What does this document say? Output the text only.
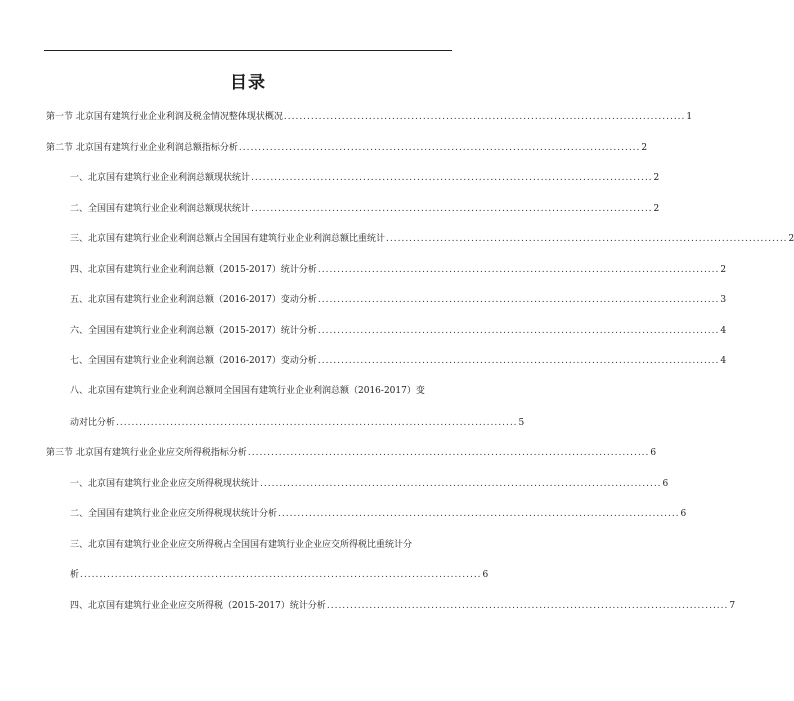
目录
第一节 北京国有建筑行业企业利润及税金情况整体现状概况 ........................................................................................................ 1
第二节 北京国有建筑行业企业利润总额指标分析 ........................................................................................................ 2
一、北京国有建筑行业企业利润总额现状统计 ........................................................................................................ 2
二、全国国有建筑行业企业利润总额现状统计 ........................................................................................................ 2
三、北京国有建筑行业企业利润总额占全国国有建筑行业企业利润总额比重统计 ........................................................................................................ 2
四、北京国有建筑行业企业利润总额（2015-2017）统计分析 ........................................................................................................ 2
五、北京国有建筑行业企业利润总额（2016-2017）变动分析 ........................................................................................................ 3
六、全国国有建筑行业企业利润总额（2015-2017）统计分析 ........................................................................................................ 4
七、全国国有建筑行业企业利润总额（2016-2017）变动分析 ........................................................................................................ 4
八、北京国有建筑行业企业利润总额同全国国有建筑行业企业利润总额（2016-2017）变
动对比分析 ........................................................................................................ 5
第三节 北京国有建筑行业企业应交所得税指标分析 ........................................................................................................ 6
一、北京国有建筑行业企业应交所得税现状统计 ........................................................................................................ 6
二、全国国有建筑行业企业应交所得税现状统计分析 ........................................................................................................ 6
三、北京国有建筑行业企业应交所得税占全国国有建筑行业企业应交所得税比重统计分
析 ........................................................................................................ 6
四、北京国有建筑行业企业应交所得税（2015-2017）统计分析 ........................................................................................................ 7
